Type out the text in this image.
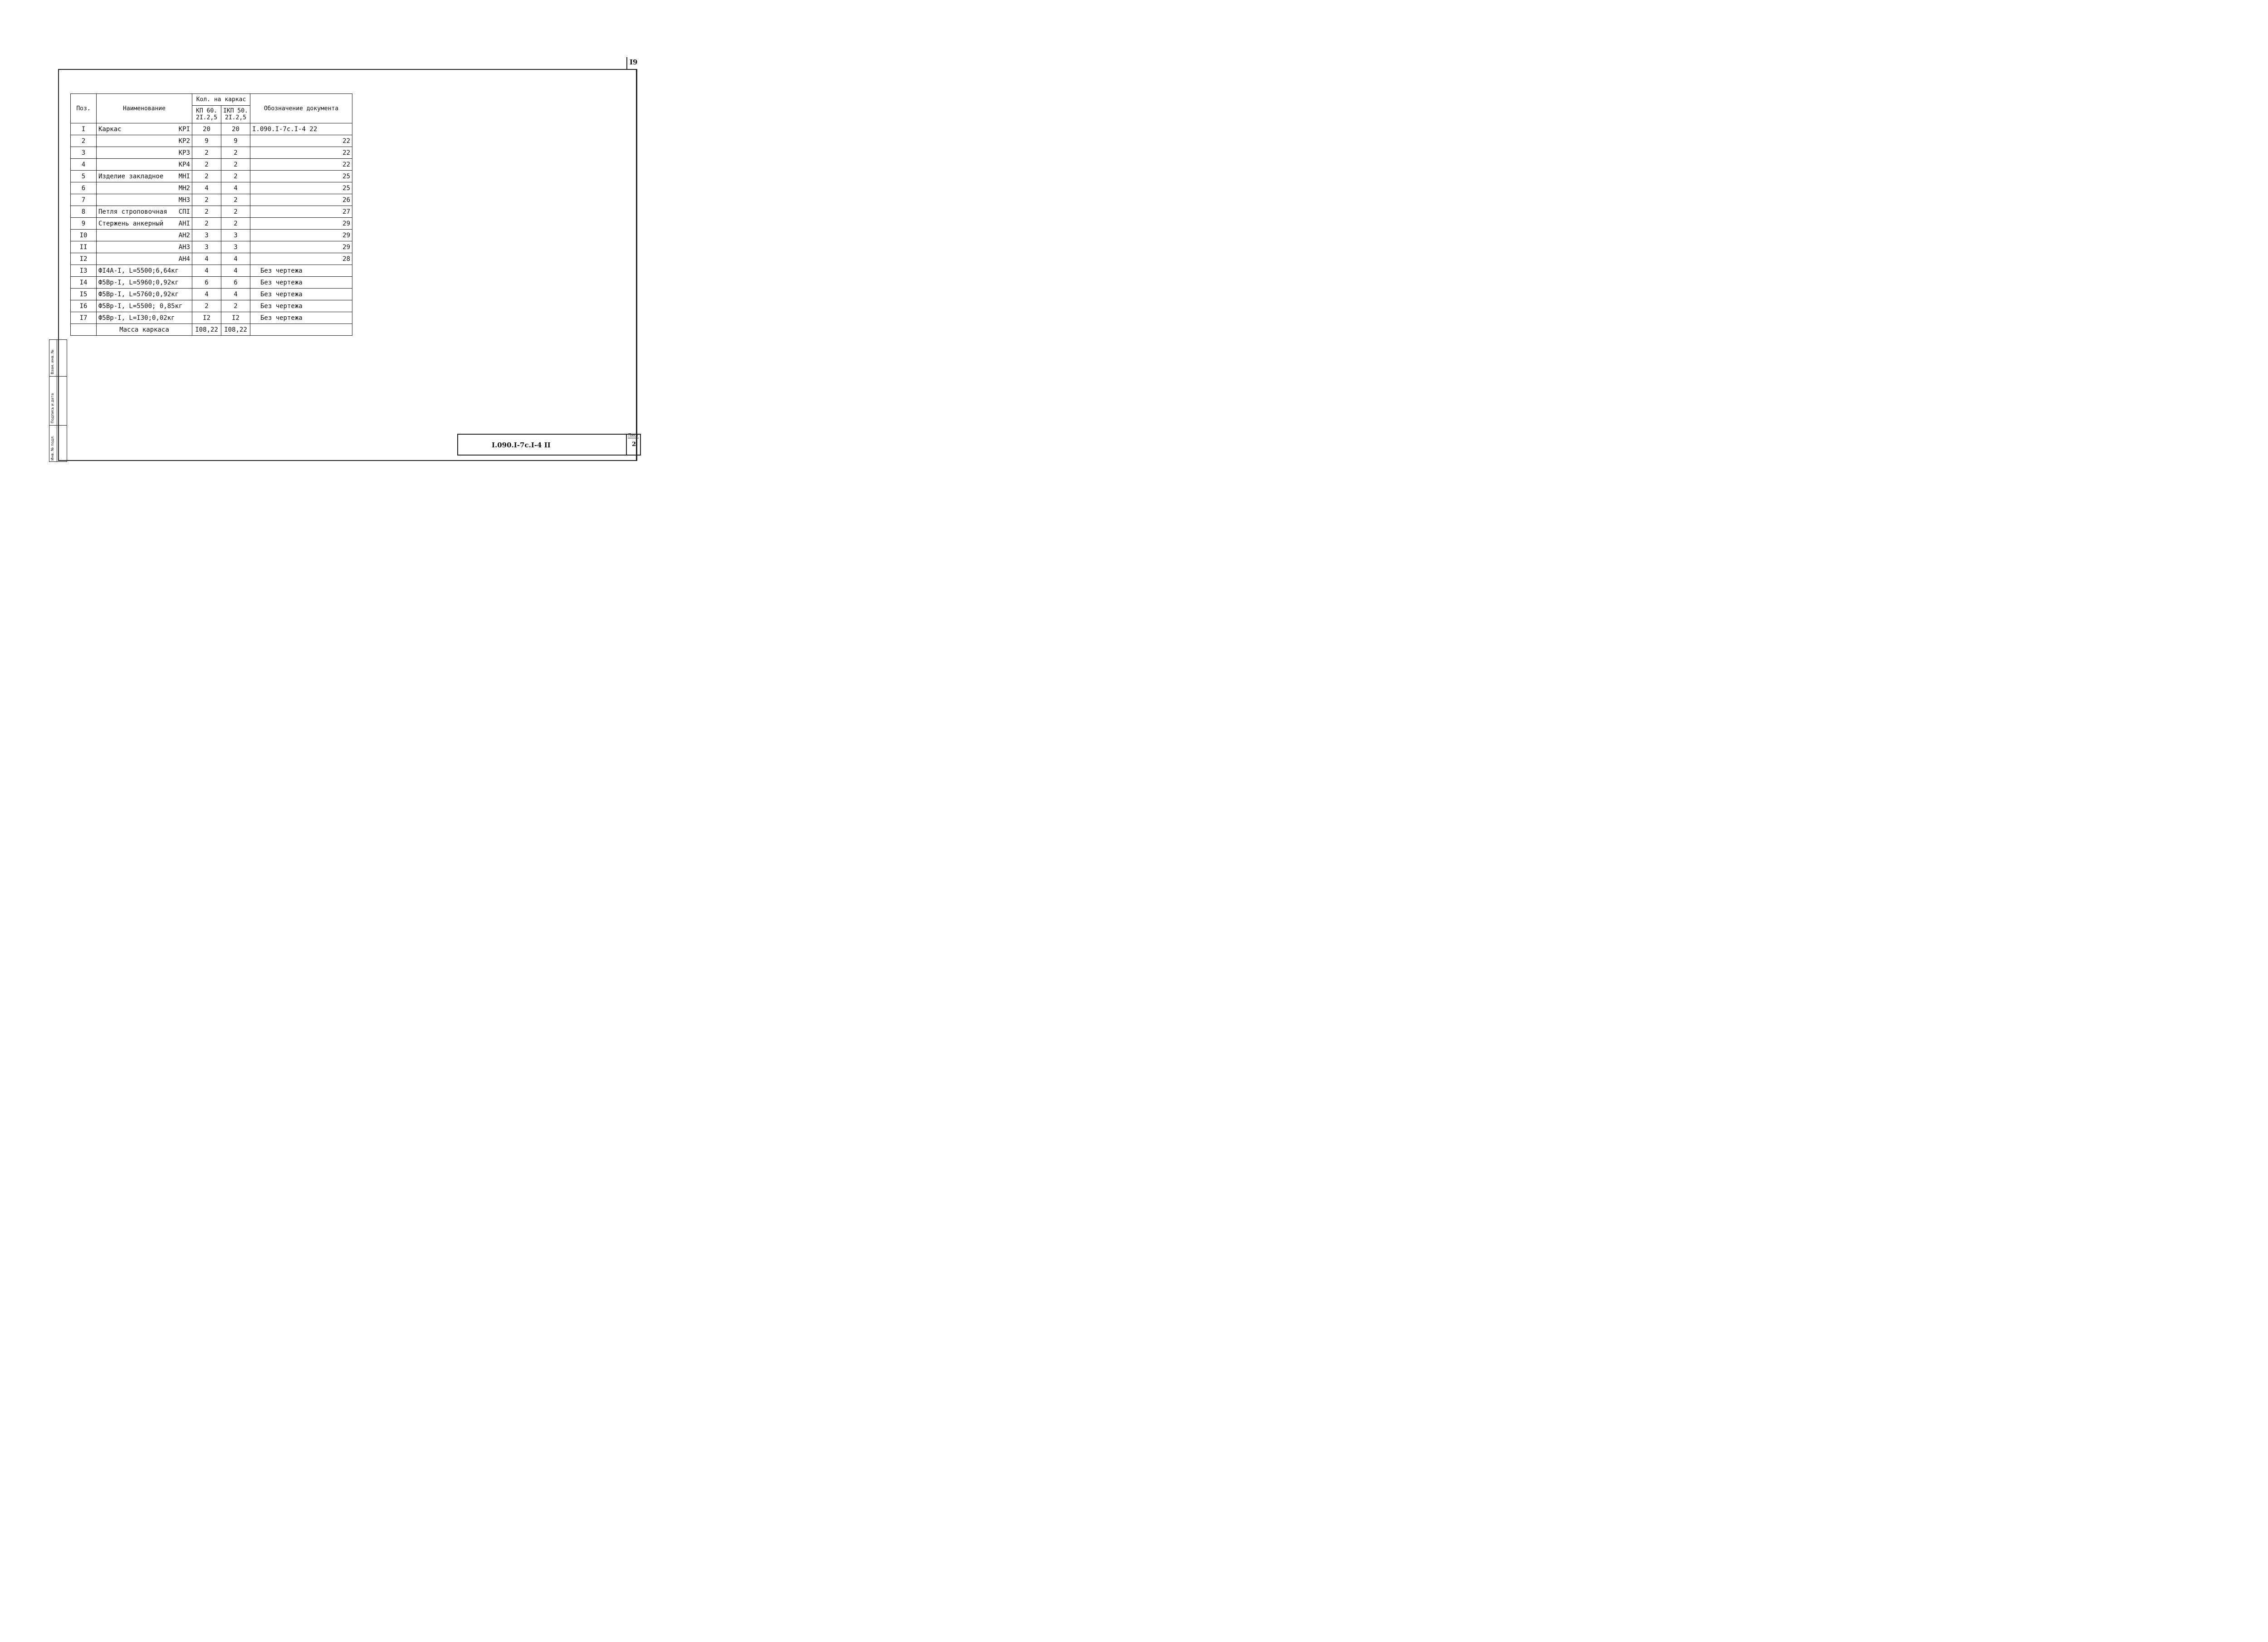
I9
Инв. № подл.
Подпись и дата
Взам. инв. №
Поз.	Наименование	Кол. на каркас		Обозначение документа
		КП 60. 2I.2,5	IКП 50. 2I.2,5	
I	Каркас КРI	20	20	I.090.I-7с.I-4 22
2	КР2	9	9	22
3	КР3	2	2	22
4	КР4	2	2	22
5	Изделие закладное МНI	2	2	25
6	МН2	4	4	25
7	МН3	2	2	26
8	Петля строповочная СПI	2	2	27
9	Стержень анкерный АНI	2	2	29
I0	АН2	3	3	29
II	АН3	3	3	29
I2	АН4	4	4	28
I3	ФI4А-I, L=5500;6,64кг	4	4	Без чертежа
I4	Ф5Вр-I, L=5960;0,92кг	6	6	Без чертежа
I5	Ф5Вр-I, L=5760;0,92кг	4	4	Без чертежа
I6	Ф5Вр-I, L=5500; 0,85кг	2	2	Без чертежа
I7	Ф5Вр-I, L=I30;0,02кг	I2	I2	Без чертежа
	Масса каркаса	I08,22	I08,22	
I.090.I-7с.I-4 II
Лист
2
